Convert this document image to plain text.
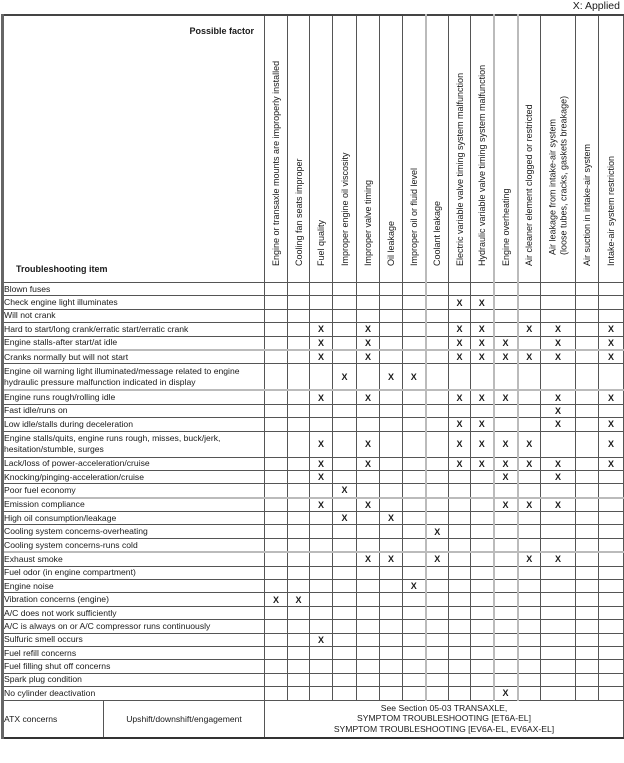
X: Applied
Possible factor
Troubleshooting item		Engine or transaxle mounts are improperly installed	Cooling fan seats improper	Fuel quality	Improper engine oil viscosity	Improper valve timing	Oil leakage	Improper oil or fluid level	Coolant leakage	Electric variable valve timing system malfunction	Hydraulic variable valve timing system malfunction	Engine overheating	Air cleaner element clogged or restricted	Air leakage from intake-air system
(loose tubes, cracks, gaskets breakage)	Air suction in intake-air system	Intake-air system restriction

Blown fuses																
Check engine light illuminates										X	X					
Will not crank																
Hard to start/long crank/erratic start/erratic crank				X		X				X	X		X	X		X
Engine stalls-after start/at idle				X		X				X	X	X		X		X
Cranks normally but will not start				X		X				X	X	X	X	X		X
Engine oil warning light illuminated/message related to engine hydraulic pressure malfunction indicated in display					X		X	X								
Engine runs rough/rolling idle				X		X				X	X	X		X		X
Fast idle/runs on														X		
Low idle/stalls during deceleration										X	X			X		X
Engine stalls/quits, engine runs rough, misses, buck/jerk, hesitation/stumble, surges				X		X				X	X	X	X			X
Lack/loss of power-acceleration/cruise				X		X				X	X	X	X	X		X
Knocking/pinging-acceleration/cruise				X								X		X		
Poor fuel economy					X											
Emission compliance				X		X						X	X	X		
High oil consumption/leakage					X		X									
Cooling system concerns-overheating									X							
Cooling system concerns-runs cold																
Exhaust smoke						X	X		X				X	X		
Fuel odor (in engine compartment)																
Engine noise								X								
Vibration concerns (engine)		X	X													
A/C does not work sufficiently																
A/C is always on or A/C compressor runs continuously																
Sulfuric smell occurs				X												
Fuel refill concerns																
Fuel filling shut off concerns																
Spark plug condition																
No cylinder deactivation												X				
ATX concerns	Upshift/downshift/engagement	See Section 05-03 TRANSAXLE,
SYMPTOM TROUBLESHOOTING [ET6A-EL]
SYMPTOM TROUBLESHOOTING [EV6A-EL, EV6AX-EL]														
